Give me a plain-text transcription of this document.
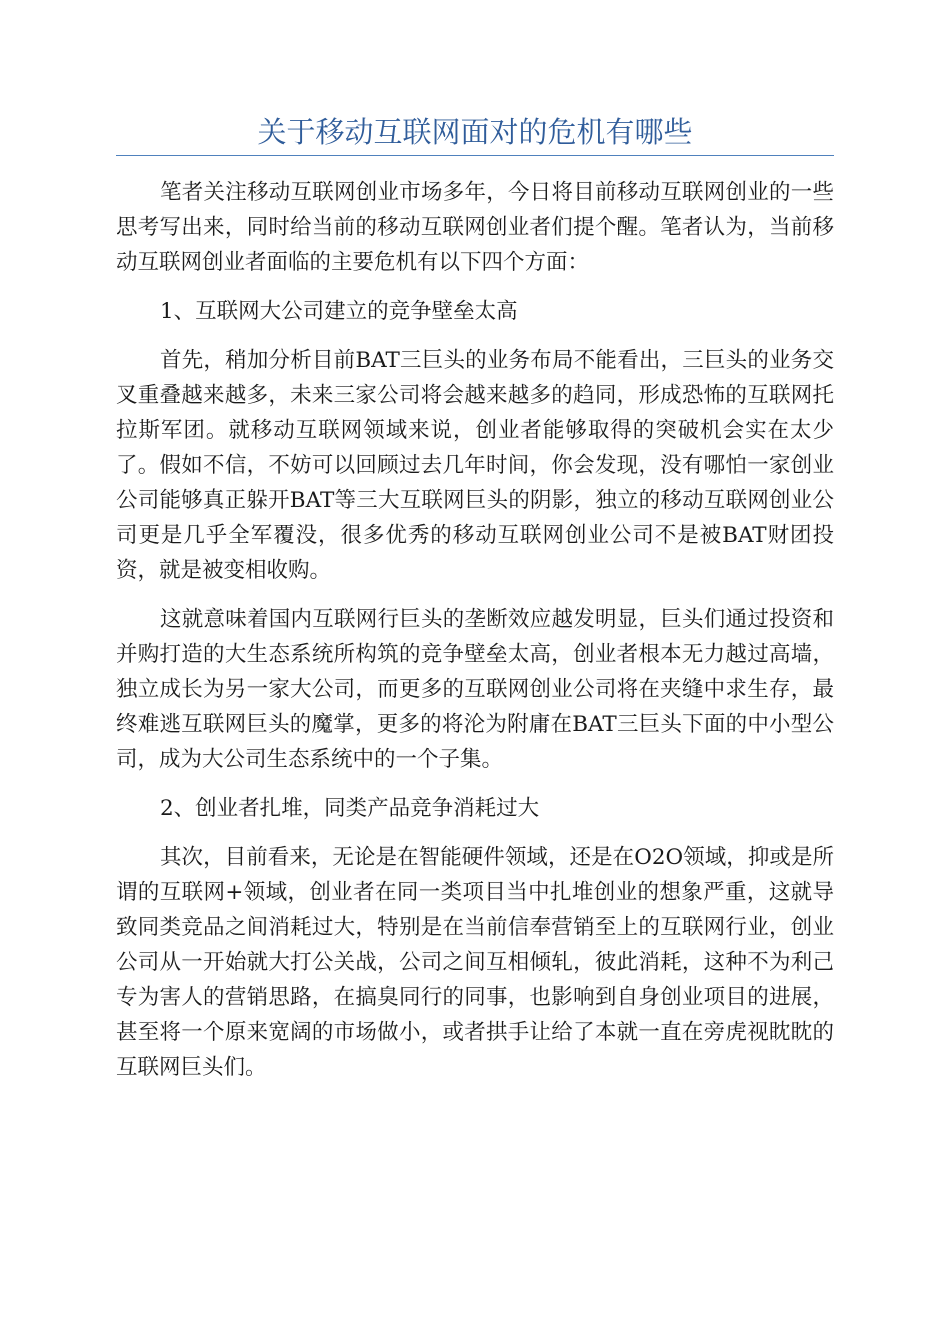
关于移动互联网面对的危机有哪些

笔者关注移动互联网创业市场多年，今日将目前移动互联网创业的一些思考写出来，同时给当前的移动互联网创业者们提个醒。笔者认为，当前移动互联网创业者面临的主要危机有以下四个方面：

1、互联网大公司建立的竞争壁垒太高

首先，稍加分析目前BAT三巨头的业务布局不能看出，三巨头的业务交叉重叠越来越多，未来三家公司将会越来越多的趋同，形成恐怖的互联网托拉斯军团。就移动互联网领域来说，创业者能够取得的突破机会实在太少了。假如不信，不妨可以回顾过去几年时间，你会发现，没有哪怕一家创业公司能够真正躲开BAT等三大互联网巨头的阴影，独立的移动互联网创业公司更是几乎全军覆没，很多优秀的移动互联网创业公司不是被BAT财团投资，就是被变相收购。

这就意味着国内互联网行巨头的垄断效应越发明显，巨头们通过投资和并购打造的大生态系统所构筑的竞争壁垒太高，创业者根本无力越过高墙，独立成长为另一家大公司，而更多的互联网创业公司将在夹缝中求生存，最终难逃互联网巨头的魔掌，更多的将沦为附庸在BAT三巨头下面的中小型公司，成为大公司生态系统中的一个子集。

2、创业者扎堆，同类产品竞争消耗过大

其次，目前看来，无论是在智能硬件领域，还是在O2O领域，抑或是所谓的互联网+领域，创业者在同一类项目当中扎堆创业的想象严重，这就导致同类竞品之间消耗过大，特别是在当前信奉营销至上的互联网行业，创业公司从一开始就大打公关战，公司之间互相倾轧，彼此消耗，这种不为利己专为害人的营销思路，在搞臭同行的同事，也影响到自身创业项目的进展，甚至将一个原来宽阔的市场做小，或者拱手让给了本就一直在旁虎视眈眈的互联网巨头们。
